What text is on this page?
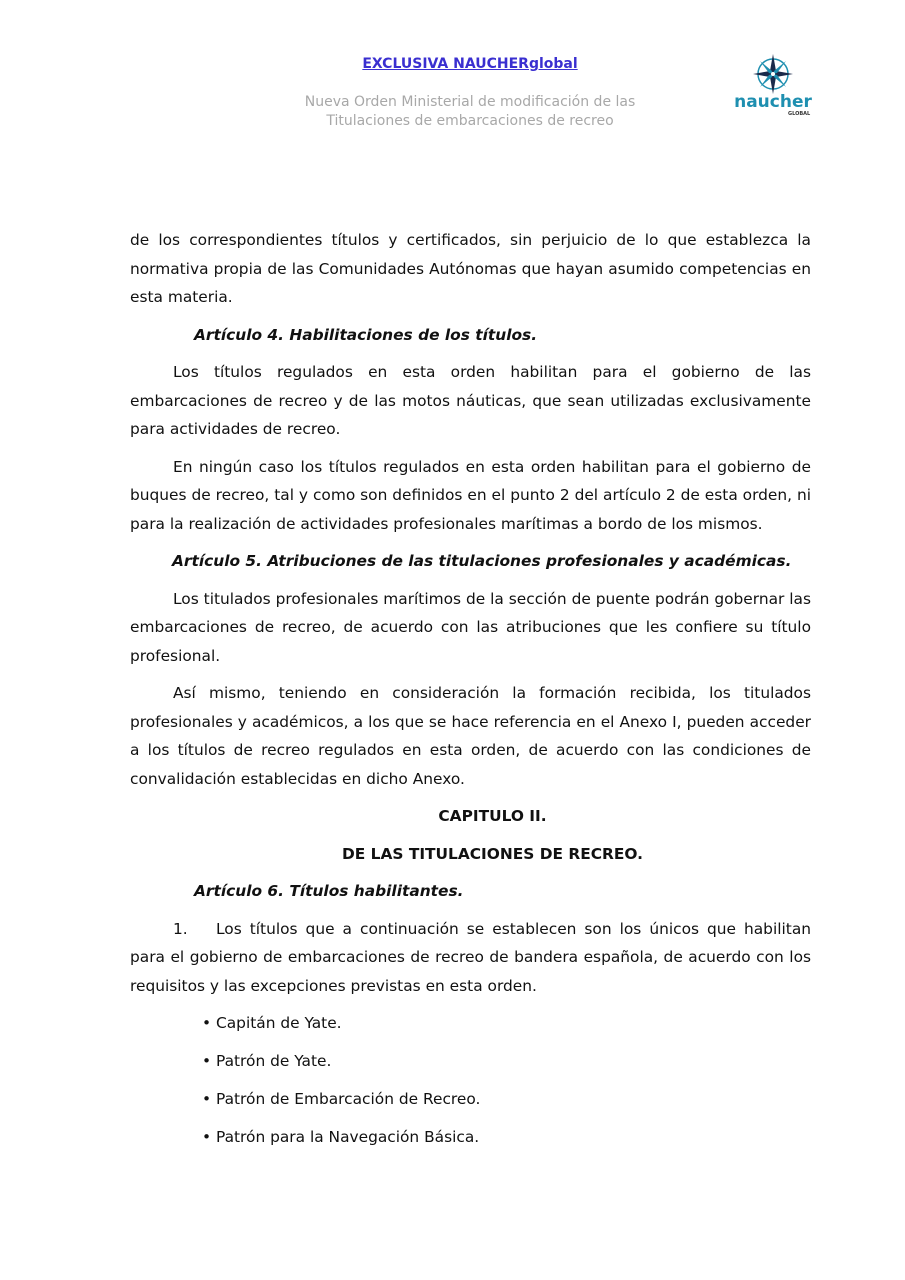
EXCLUSIVA NAUCHERglobal
Nueva Orden Ministerial de modificación de las
Titulaciones de embarcaciones de recreo
naucher
GLOBAL

de los correspondientes títulos y certificados, sin perjuicio de lo que establezca la normativa propia de las Comunidades Autónomas que hayan asumido competencias en esta materia.

Artículo 4. Habilitaciones de los títulos.

Los títulos regulados en esta orden habilitan para el gobierno de las embarcaciones de recreo y de las motos náuticas, que sean utilizadas exclusivamente para actividades de recreo.

En ningún caso los títulos regulados en esta orden habilitan para el gobierno de buques de recreo, tal y como son definidos en el punto 2 del artículo 2 de esta orden, ni para la realización de actividades profesionales marítimas a bordo de los mismos.

Artículo 5. Atribuciones de las titulaciones profesionales y académicas.

Los titulados profesionales marítimos de la sección de puente podrán gobernar las embarcaciones de recreo, de acuerdo con las atribuciones que les confiere su título profesional.

Así mismo, teniendo en consideración la formación recibida, los titulados profesionales y académicos, a los que se hace referencia en el Anexo I, pueden acceder a los títulos de recreo regulados en esta orden, de acuerdo con las condiciones de convalidación establecidas en dicho Anexo.

CAPITULO II.
DE LAS TITULACIONES DE RECREO.
Artículo 6. Títulos habilitantes.

1. Los títulos que a continuación se establecen son los únicos que habilitan para el gobierno de embarcaciones de recreo de bandera española, de acuerdo con los requisitos y las excepciones previstas en esta orden.

• Capitán de Yate.
• Patrón de Yate.
• Patrón de Embarcación de Recreo.
• Patrón para la Navegación Básica.
